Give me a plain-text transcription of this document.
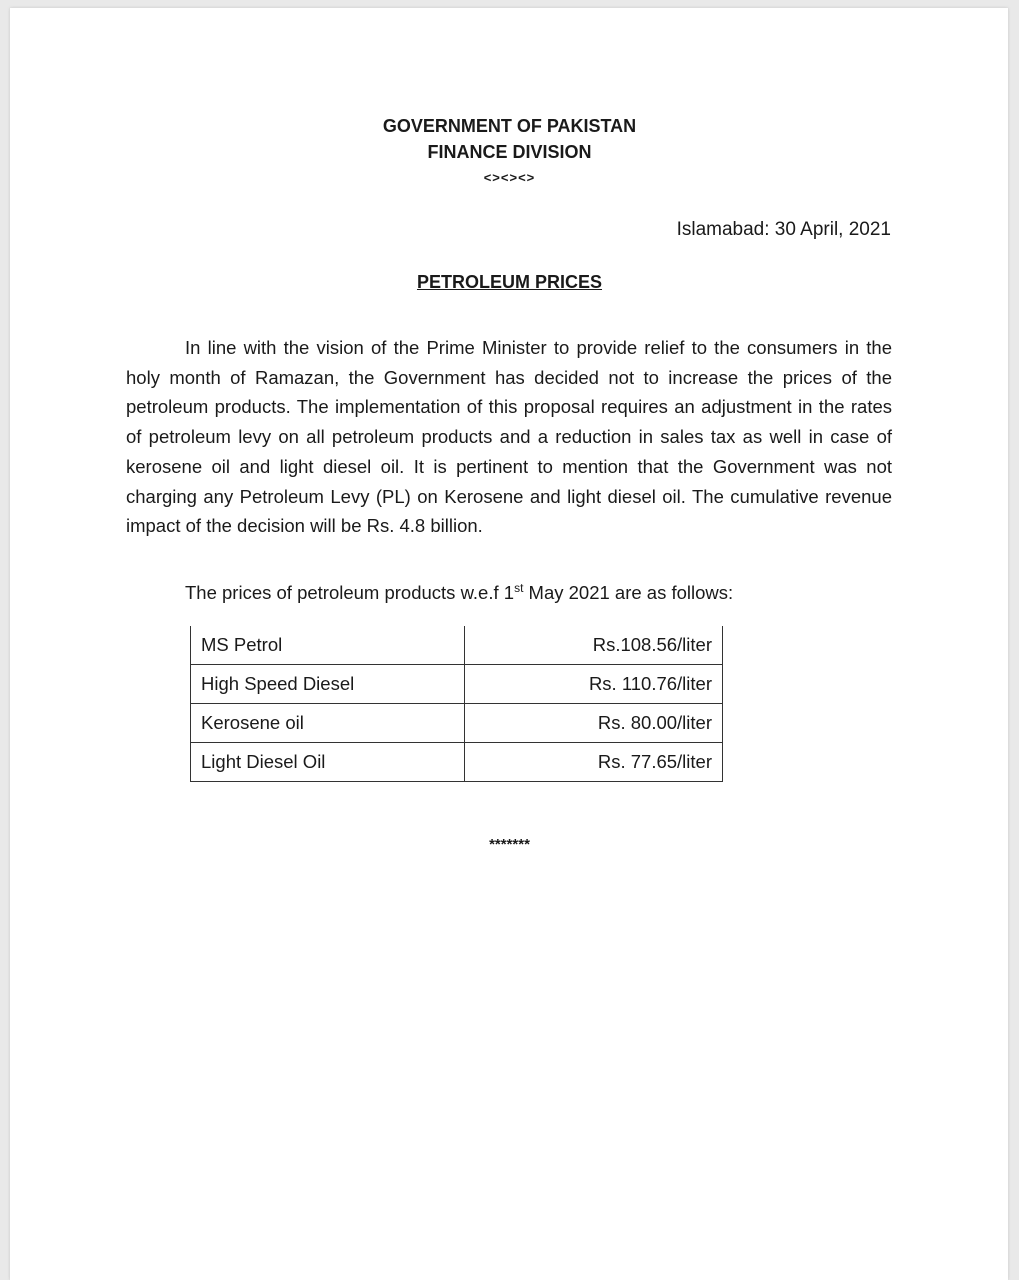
GOVERNMENT OF PAKISTAN
FINANCE DIVISION
<><><>
Islamabad: 30 April, 2021
PETROLEUM PRICES
In line with the vision of the Prime Minister to provide relief to the consumers in the holy month of Ramazan, the Government has decided not to increase the prices of the petroleum products. The implementation of this proposal requires an adjustment in the rates of petroleum levy on all petroleum products and a reduction in sales tax as well in case of kerosene oil and light diesel oil. It is pertinent to mention that the Government was not charging any Petroleum Levy (PL) on Kerosene and light diesel oil. The cumulative revenue impact of the decision will be Rs. 4.8 billion.
The prices of petroleum products w.e.f 1st May 2021 are as follows:
MS Petrol	Rs.108.56/liter
High Speed Diesel	Rs. 110.76/liter
Kerosene oil	Rs. 80.00/liter
Light Diesel Oil	Rs. 77.65/liter
*******
